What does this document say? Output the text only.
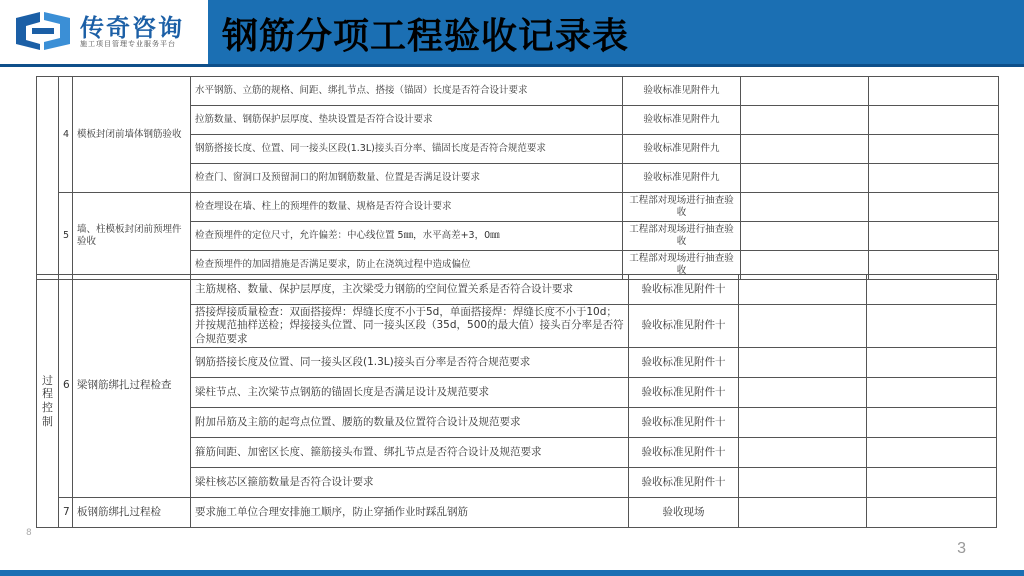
传奇咨询
施工项目管理专业服务平台 钢筋分项工程验收记录表
	4	模板封闭前墙体钢筋验收	水平钢筋、立筋的规格、间距、绑扎节点、搭接（锚固）长度是否符合设计要求	验收标准见附件九		
			拉筋数量、钢筋保护层厚度、垫块设置是否符合设计要求	验收标准见附件九		
			钢筋搭接长度、位置、同一接头区段(1.3L)接头百分率、锚固长度是否符合规范要求	验收标准见附件九		
			检查门、窗洞口及预留洞口的附加钢筋数量、位置是否满足设计要求	验收标准见附件九		
	5	墙、柱模板封闭前预埋件验收	检查埋设在墙、柱上的预埋件的数量、规格是否符合设计要求	工程部对现场进行抽查验收		
			检查预埋件的定位尺寸，允许偏差：中心线位置 5㎜，水平高差+3，0㎜	工程部对现场进行抽查验收		
			检查预埋件的加固措施是否满足要求，防止在浇筑过程中造成偏位	工程部对现场进行抽查验收		
过程控制	6	梁钢筋绑扎过程检查	主筋规格、数量、保护层厚度，主次梁受力钢筋的空间位置关系是否符合设计要求	验收标准见附件十		
			搭接焊接质量检查：双面搭接焊：焊缝长度不小于5d，单面搭接焊：焊缝长度不小于10d；并按规范抽样送检；焊接接头位置、同一接头区段（35d，500的最大值）接头百分率是否符合规范要求	验收标准见附件十		
			钢筋搭接长度及位置、同一接头区段(1.3L)接头百分率是否符合规范要求	验收标准见附件十		
			梁柱节点、主次梁节点钢筋的锚固长度是否满足设计及规范要求	验收标准见附件十		
			附加吊筋及主筋的起弯点位置、腰筋的数量及位置符合设计及规范要求	验收标准见附件十		
			箍筋间距、加密区长度、箍筋接头布置、绑扎节点是否符合设计及规范要求	验收标准见附件十		
			梁柱核芯区箍筋数量是否符合设计要求	验收标准见附件十		
	7	板钢筋绑扎过程检	要求施工单位合理安排施工顺序，防止穿插作业时踩乱钢筋	验收现场		
8
3
